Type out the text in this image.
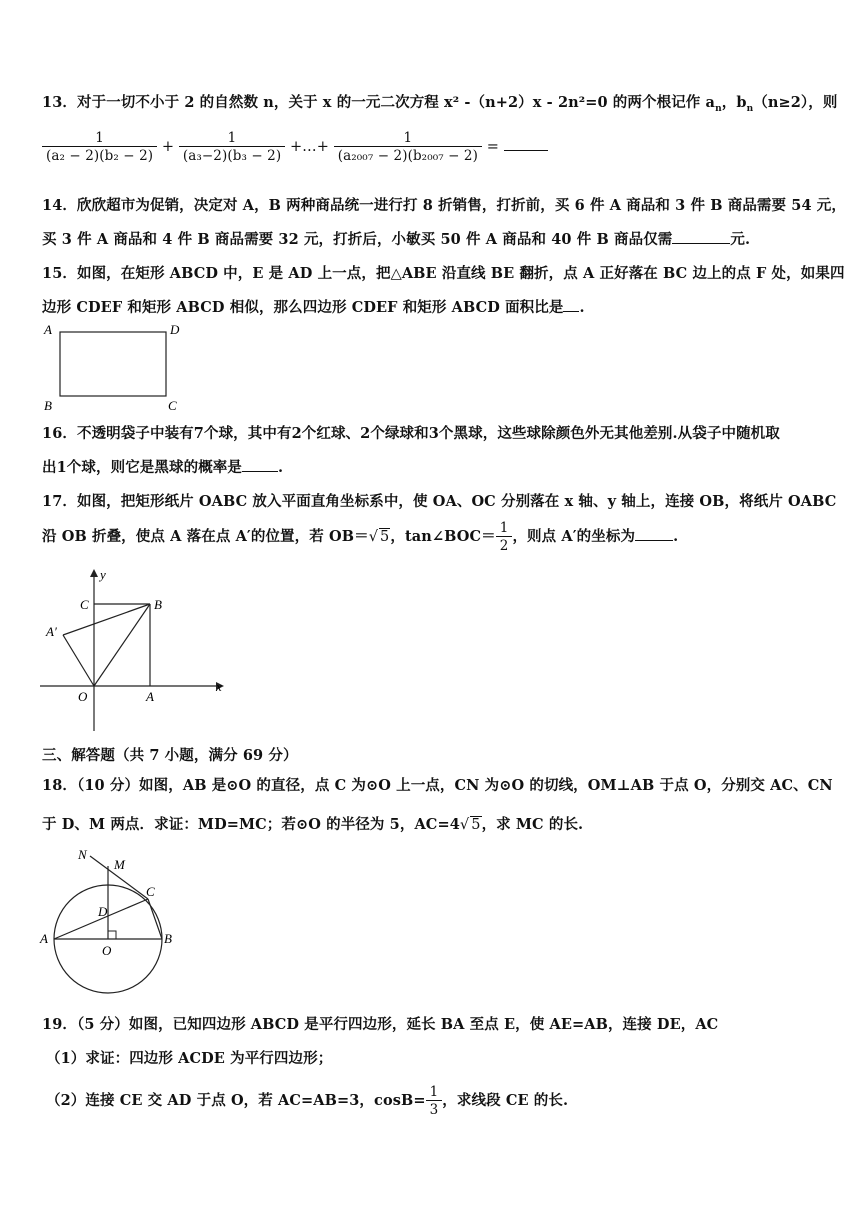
13．对于一切不小于 2 的自然数 n，关于 x 的一元二次方程 x² -（n+2）x - 2n²=0 的两个根记作 $a_n$，$b_n(n\ge 2)$，则
$\frac{1}{\text{(a₂ − 2)(b₂ − 2)}} + \frac{1}{\text{(a₃−2)(b₃ − 2)}}$ +…+ $\frac{1}{\text{(a₂₀₀₇ − 2)(b₂₀₀₇ − 2)}}$ =
14．欣欣超市为促销，决定对 A，B 两种商品统一进行打 8 折销售，打折前，买 6 件 A 商品和 3 件 B 商品需要 54 元，
买 3 件 A 商品和 4 件 B 商品需要 32 元，打折后，小敏买 50 件 A 商品和 40 件 B 商品仅需	元.
15．如图，在矩形 ABCD 中，E 是 AD 上一点，把△ABE 沿直线 BE 翻折，点 A 正好落在 BC 边上的点 F 处，如果四
边形 CDEF 和矩形 ABCD 相似，那么四边形 CDEF 和矩形 ABCD 面积比是 .
A	D
B	C
16．不透明袋子中装有7个球，其中有2个红球、2个绿球和3个黑球，这些球除颜色外无其他差别.从袋子中随机取
出1个球，则它是黑球的概率是 .
17．如图，把矩形纸片 OABC 放入平面直角坐标系中，使 OA、OC 分别落在 x 轴、y 轴上，连接 OB，将纸片 OABC
沿 OB 折叠，使点 A 落在点 A′的位置，若 OB＝√ 5，tan∠BOC＝ $\frac{1}{2}$ ，则点 A′的坐标为	.
y
C	B
A′
O	A
x
三、解答题（共 7 小题，满分 69 分）
18．（10 分）如图，AB 是⊙O 的直径，点 C 为⊙O 上一点，CN 为⊙O 的切线，OM⊥AB 于点 O，分别交 AC、CN
于 D、M 两点．求证：MD=MC；若⊙O 的半径为 5，AC=4√ 5，求 MC 的长.
N
M
C
D
A
O
B
19．（5 分）如图，已知四边形 ABCD 是平行四边形，延长 BA 至点 E，使 AE=AB，连接 DE，AC
（1）求证：四边形 ACDE 为平行四边形；
（2）连接 CE 交 AD 于点 O，若 AC=AB=3，$\cos B= \frac{1}{3}$ ，求线段 CE 的长.
